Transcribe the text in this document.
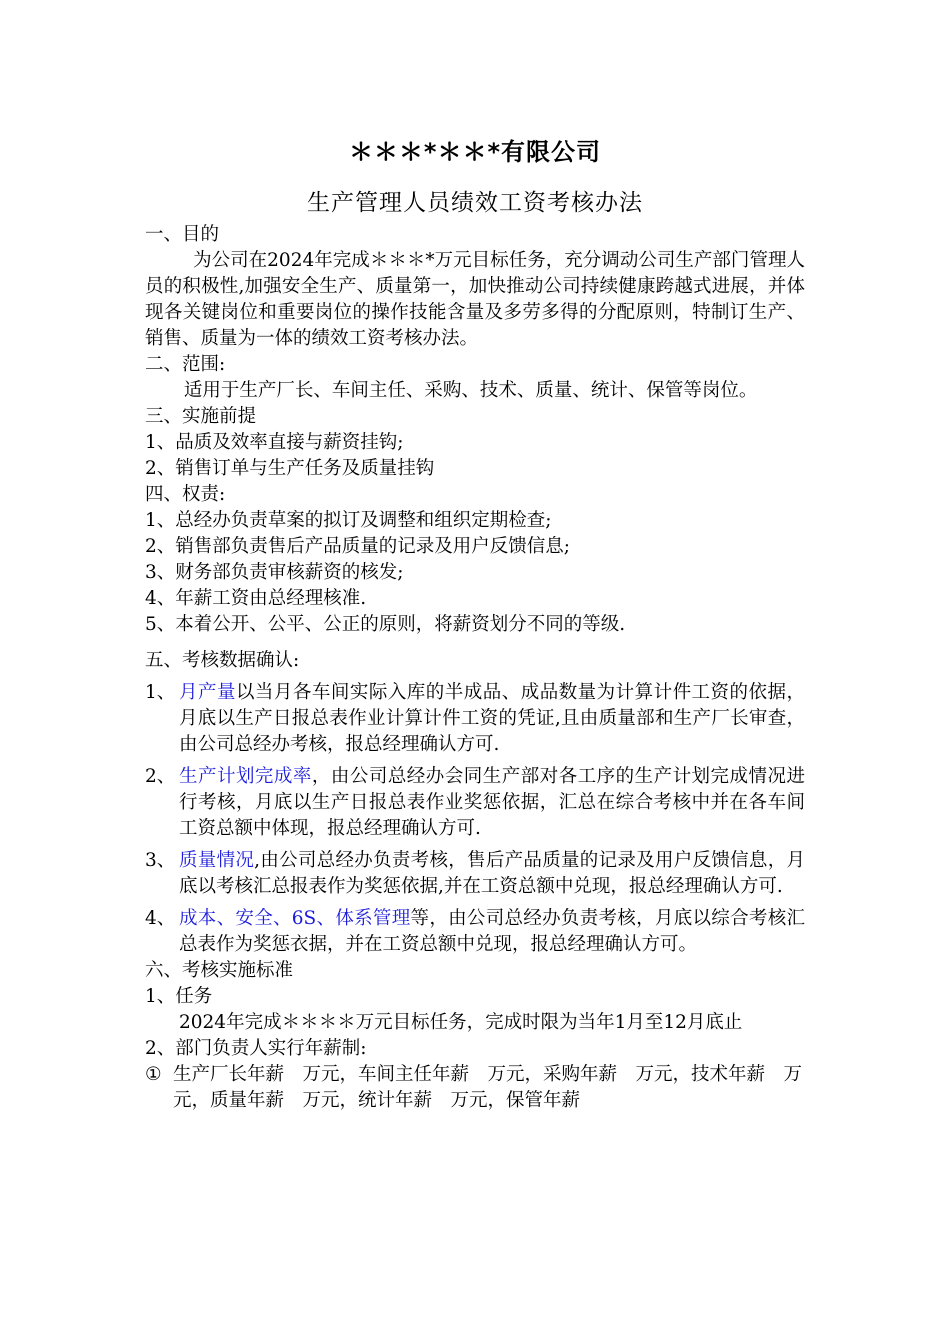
＊＊＊*＊＊*有限公司
生产管理人员绩效工资考核办法

一、目的

为公司在2024年完成＊＊＊*万元目标任务，充分调动公司生产部门管理人员的积极性,加强安全生产、质量第一，加快推动公司持续健康跨越式进展，并体现各关键岗位和重要岗位的操作技能含量及多劳多得的分配原则，特制订生产、销售、质量为一体的绩效工资考核办法。

二、范围:

适用于生产厂长、车间主任、采购、技术、质量、统计、保管等岗位。

三、实施前提

1、品质及效率直接与薪资挂钩;

2、销售订单与生产任务及质量挂钩

四、权责:

1、总经办负责草案的拟订及调整和组织定期检查;

2、销售部负责售后产品质量的记录及用户反馈信息;

3、财务部负责审核薪资的核发;

4、年薪工资由总经理核准.

5、本着公开、公平、公正的原则，将薪资划分不同的等级.

五、考核数据确认:

1、 月产量以当月各车间实际入库的半成品、成品数量为计算计件工资的依据，月底以生产日报总表作业计算计件工资的凭证,且由质量部和生产厂长审查，由公司总经办考核，报总经理确认方可.
2、 生产计划完成率，由公司总经办会同生产部对各工序的生产计划完成情况进行考核，月底以生产日报总表作业奖惩依据，汇总在综合考核中并在各车间工资总额中体现，报总经理确认方可.
3、 质量情况,由公司总经办负责考核，售后产品质量的记录及用户反馈信息，月底以考核汇总报表作为奖惩依据,并在工资总额中兑现，报总经理确认方可.
4、 成本、安全、6S、体系管理等，由公司总经办负责考核，月底以综合考核汇总表作为奖惩衣据，并在工资总额中兑现，报总经理确认方可。

六、考核实施标准

1、任务

2024年完成＊＊＊＊万元目标任务，完成时限为当年1月至12月底止

2、部门负责人实行年薪制:

① 生产厂长年薪　万元，车间主任年薪　万元，采购年薪　万元，技术年薪　万元，质量年薪　万元，统计年薪　万元，保管年薪
